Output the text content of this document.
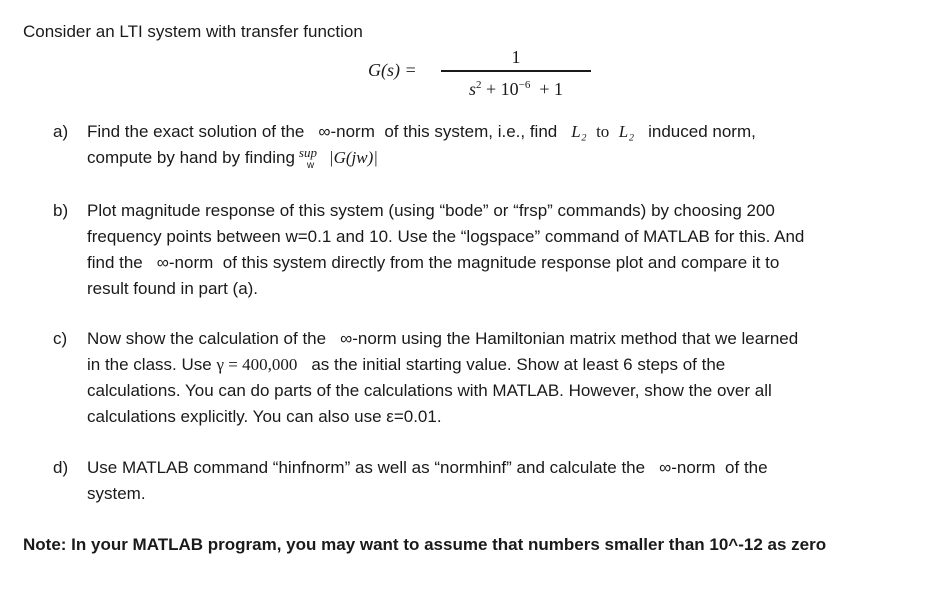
Consider an LTI system with transfer function
G(s) =
1
$s^2 + 10^{-6} + 1$
a)	Find the exact solution of the ∞-norm of this system, i.e., find L₂ to L₂ induced norm,
compute by hand by finding sup
w |G(jw)|
b)	Plot magnitude response of this system (using “bode” or “frsp” commands) by choosing 200
frequency points between w=0.1 and 10. Use the “logspace” command of MATLAB for this. And
find the ∞-norm of this system directly from the magnitude response plot and compare it to
result found in part (a).
c)	Now show the calculation of the ∞-norm using the Hamiltonian matrix method that we learned
in the class. Use γ = 400,000 as the initial starting value. Show at least 6 steps of the
calculations. You can do parts of the calculations with MATLAB. However, show the over all
calculations explicitly. You can also use ε=0.01.
d)	Use MATLAB command “hinfnorm” as well as “normhinf” and calculate the ∞-norm of the
system.
Note: In your MATLAB program, you may want to assume that numbers smaller than 10^-12 as zero
